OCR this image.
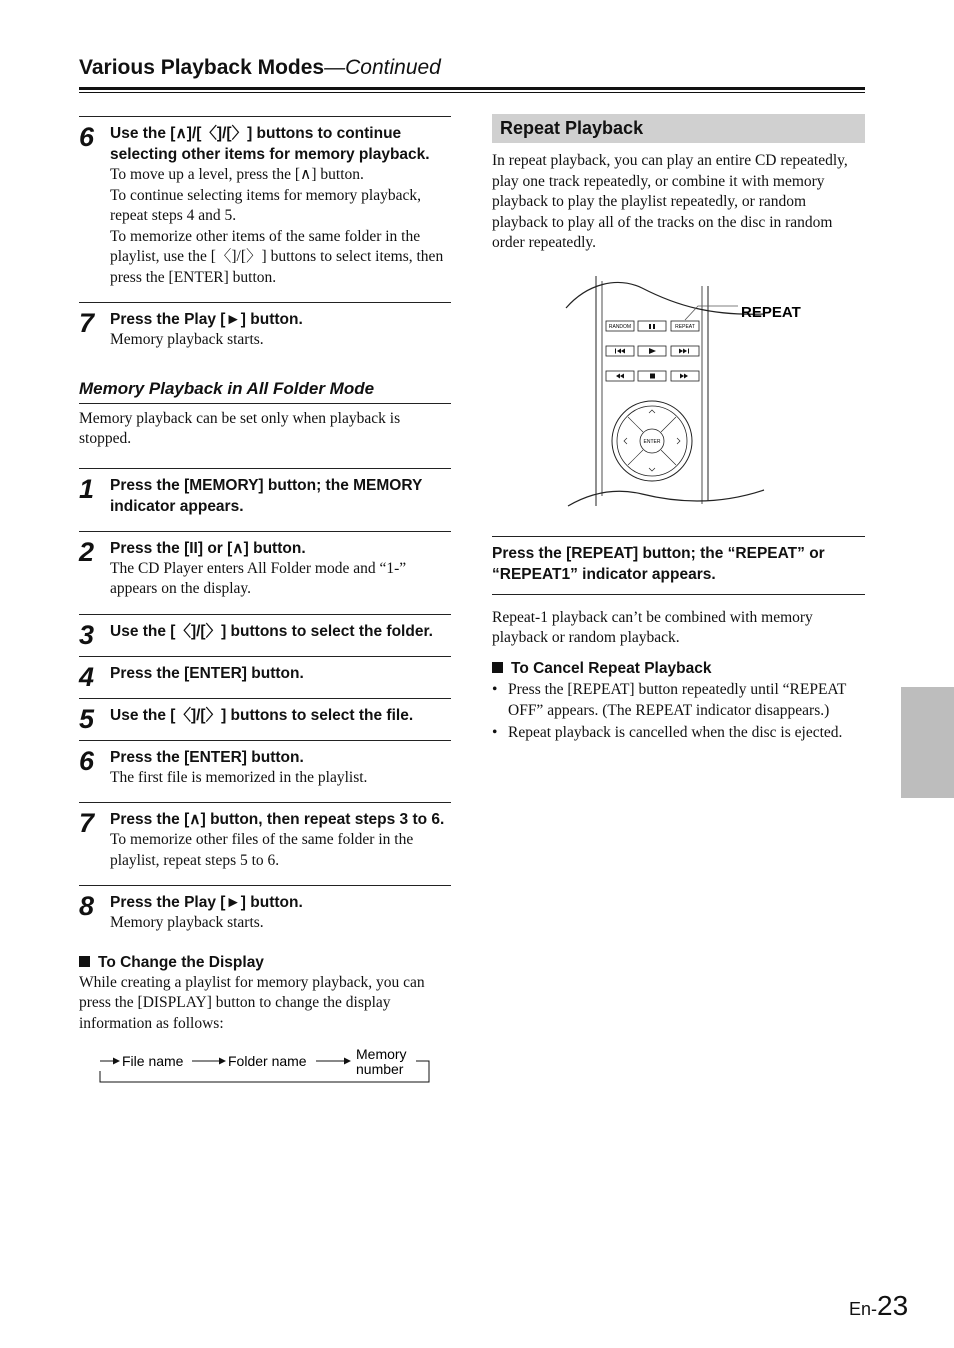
Various Playback Modes—Continued
6 Use the [∧]/[〈]/[〉] buttons to continue selecting other items for memory playback.
To move up a level, press the [∧] button.
To continue selecting items for memory playback, repeat steps 4 and 5.
To memorize other items of the same folder in the playlist, use the [〈]/[〉] buttons to select items, then press the [ENTER] button.
7 Press the Play [►] button.
Memory playback starts.
Memory Playback in All Folder Mode
Memory playback can be set only when playback is stopped.
1 Press the [MEMORY] button; the MEMORY indicator appears.
2 Press the [II] or [∧] button.
The CD Player enters All Folder mode and “1-” appears on the display.
3 Use the [〈]/[〉] buttons to select the folder.
4 Press the [ENTER] button.
5 Use the [〈]/[〉] buttons to select the file.
6 Press the [ENTER] button.
The first file is memorized in the playlist.
7 Press the [∧] button, then repeat steps 3 to 6.
To memorize other files of the same folder in the playlist, repeat steps 5 to 6.
8 Press the Play [►] button.
Memory playback starts.
To Change the Display
While creating a playlist for memory playback, you can press the [DISPLAY] button to change the display information as follows:
File name	Folder name	Memory
number
Repeat Playback
In repeat playback, you can play an entire CD repeatedly, play one track repeatedly, or combine it with memory playback to play the playlist repeatedly, or random playback to play all of the tracks on the disc in random order repeatedly.
RANDOM	REPEAT
ENTER
REPEAT
Press the [REPEAT] button; the “REPEAT” or “REPEAT1” indicator appears.
Repeat-1 playback can’t be combined with memory playback or random playback.
To Cancel Repeat Playback
• Press the [REPEAT] button repeatedly until “REPEAT OFF” appears. (The REPEAT indicator disappears.)
• Repeat playback is cancelled when the disc is ejected.
En-23
